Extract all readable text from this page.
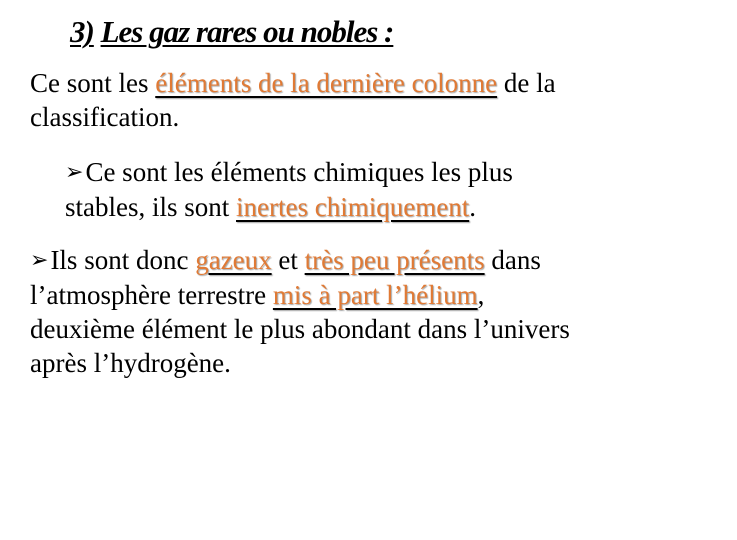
3) Les gaz rares ou nobles :
Ce sont les éléments de la dernière colonne de la
classification.
➢Ce sont les éléments chimiques les plus
stables, ils sont inertes chimiquement.
➢Ils sont donc gazeux et très peu présents dans
l’atmosphère terrestre mis à part l’hélium,
deuxième élément le plus abondant dans l’univers
après l’hydrogène.
